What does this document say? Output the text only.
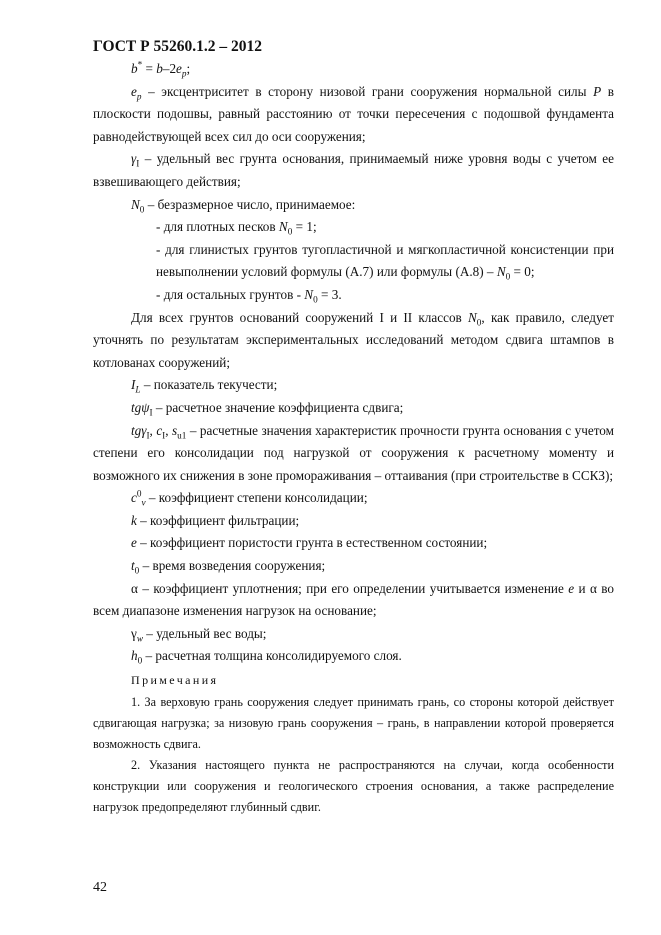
ГОСТ Р 55260.1.2 – 2012

$b^* = b-2e_p$;

$e_p$ – эксцентриситет в сторону низовой грани сооружения нормальной силы P в плоскости подошвы, равный расстоянию от точки пересечения с подошвой фундамента равнодействующей всех сил до оси сооружения;

$\gamma_I$ – удельный вес грунта основания, принимаемый ниже уровня воды с учетом ее взвешивающего действия;

$N_0$ – безразмерное число, принимаемое:

- для плотных песков $N_0 = 1$;

- для глинистых грунтов тугопластичной и мягкопластичной консистенции при невыполнении условий формулы (А.7) или формулы $(А.8) - N_0 = 0$;

- для остальных грунтов - $N_0 = 3$.

Для всех грунтов оснований сооружений I и II классов $N_0$, как правило, следует уточнять по результатам экспериментальных исследований методом сдвига штампов в котлованах сооружений;

$I_L$ – показатель текучести;

tgψ$_I$ – расчетное значение коэффициента сдвига;

tgγ$_I$, $c_I$, $s_{u1}$ – расчетные значения характеристик прочности грунта основания с учетом степени его консолидации под нагрузкой от сооружения к расчетному моменту и возможного их снижения в зоне промораживания – оттаивания (при строительстве в СCКЗ);

$c^0_v$ – коэффициент степени консолидации;

k – коэффициент фильтрации;

e – коэффициент пористости грунта в естественном состоянии;

$t_0$ – время возведения сооружения;

α – коэффициент уплотнения; при его определении учитывается изменение e и α во всем диапазоне изменения нагрузок на основание;

$\gamma_w$ – удельный вес воды;

$h_0$ – расчетная толщина консолидируемого слоя.

Примечания

1. За верховую грань сооружения следует принимать грань, со стороны которой действует сдвигающая нагрузка; за низовую грань сооружения – грань, в направлении которой проверяется возможность сдвига.

2. Указания настоящего пункта не распространяются на случаи, когда особенности конструкции или сооружения и геологического строения основания, а также распределение нагрузок предопределяют глубинный сдвиг.

42
